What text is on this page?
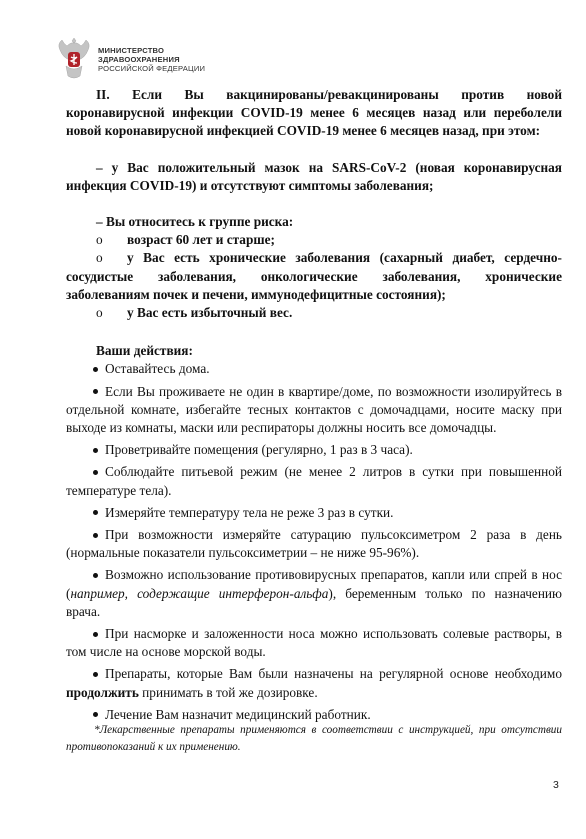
МИНИСТЕРСТВО
ЗДРАВООХРАНЕНИЯ
РОССИЙСКОЙ ФЕДЕРАЦИИ

II. Если Вы вакцинированы/ревакцинированы против новой коронавирусной инфекции COVID-19 менее 6 месяцев назад или переболели новой коронавирусной инфекцией COVID-19 менее 6 месяцев назад, при этом:

– у Вас положительный мазок на SARS-CoV-2 (новая коронавирусная инфекция COVID-19) и отсутствуют симптомы заболевания;

– Вы относитесь к группе риска:

o	возраст 60 лет и старше;

o у Вас есть хронические заболевания (сахарный диабет, сердечно-сосудистые заболевания, онкологические заболевания, хронические заболеваниям почек и печени, иммунодефицитные состояния);

o	у Вас есть избыточный вес.

Ваши действия:

Оставайтесь дома.

Если Вы проживаете не один в квартире/доме, по возможности изолируйтесь в отдельной комнате, избегайте тесных контактов с домочадцами, носите маску при выходе из комнаты, маски или респираторы должны носить все домочадцы.

Проветривайте помещения (регулярно, 1 раз в 3 часа).

Соблюдайте питьевой режим (не менее 2 литров в сутки при повышенной температуре тела).

Измеряйте температуру тела не реже 3 раз в сутки.

При возможности измеряйте сатурацию пульсоксиметром 2 раза в день (нормальные показатели пульсоксиметрии – не ниже 95-96%).

Возможно использование противовирусных препаратов, капли или спрей в нос (например, содержащие интерферон-альфа), беременным только по назначению врача.

При насморке и заложенности носа можно использовать солевые растворы, в том числе на основе морской воды.

Препараты, которые Вам были назначены на регулярной основе необходимо продолжить принимать в той же дозировке.

Лечение Вам назначит медицинский работник.

*Лекарственные препараты применяются в соответствии с инструкцией, при отсутствии противопоказаний к их применению.

3
